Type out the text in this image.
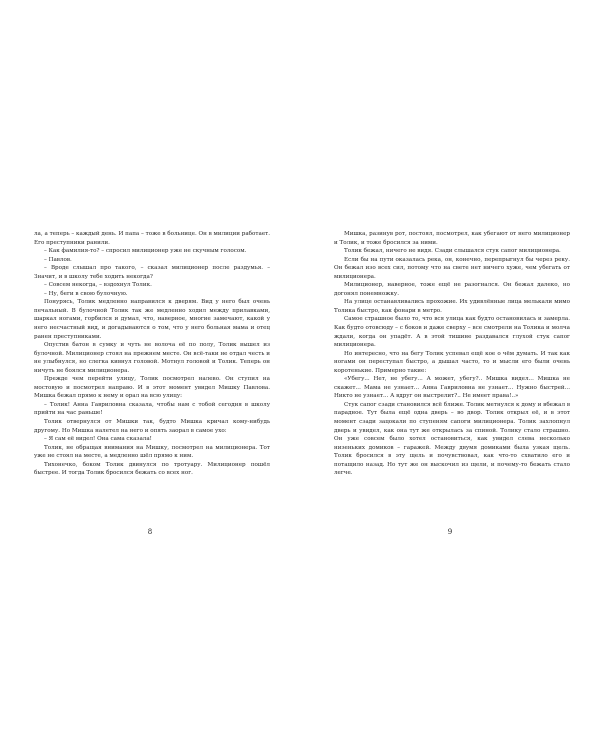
ла, а теперь – каждый день. И папа – тоже в больнице. Он в милиции работает. Его преступники ранили.

– Как фамилия-то? – спросил милиционер уже не скучным голосом.

– Павлов.

– Вроде слышал про такого, – сказал милиционер после раздумья. – Значит, и в школу тебе ходить некогда?

– Совсем некогда, – вздохнул Толик.

– Ну, беги в свою булочную.

Понурясь, Толик медленно направился к дверям. Вид у него был очень печальный. В булочной Толик так же медленно ходил между прилавками, шаркал ногами, горбился и думал, что, наверное, многие замечают, какой у него несчастный вид, и догадываются о том, что у него больная мама и отец ранен преступниками.

Опустив батон в сумку и чуть не волоча её по полу, Толик вышел из булочной. Милиционер стоял на прежнем месте. Он всё-таки не отдал честь и не улыбнулся, но слегка кивнул головой. Мотнул головой и Толик. Теперь он ничуть не боялся милиционера.

Прежде чем перейти улицу, Толик посмотрел налево. Он ступил на мостовую и посмотрел направо. И в этот момент увидел Мишку Павлова. Мишка бежал прямо к нему и орал на всю улицу:

– Толик! Анна Гавриловна сказала, чтобы нам с тобой сегодня в школу прийти на час раньше!

Толик отвернулся от Мишки так, будто Мишка кричал кому-нибудь другому. Но Мишка налетел на него и опять заорал в самое ухо:

– Я сам её видел! Она сама сказала!

Толик, не обращая внимания на Мишку, посмотрел на милиционера. Тот уже не стоял на месте, а медленно шёл прямо к ним.

Тихонечко, боком Толик двинулся по тротуару. Милиционер пошёл быстрее. И тогда Толик бросился бежать со всех ног.

8

Мишка, разинув рот, постоял, посмотрел, как убегают от него милиционер и Толик, и тоже бросился за ними.

Толик бежал, ничего не видя. Сзади слышался стук сапог милиционера.

Если бы на пути оказалась река, он, конечно, перепрыгнул бы через реку. Он бежал изо всех сил, потому что на свете нет ничего хуже, чем убегать от милиционера.

Милиционер, наверное, тоже ещё не разогнался. Он бежал далеко, но догонял понемножку.

На улице останавливались прохожие. Их удивлённые лица мелькали мимо Толика быстро, как фонари в метро.

Самое страшное было то, что вся улица как будто остановилась и замерла. Как будто отовсюду – с боков и даже сверху – все смотрели на Толика и молча ждали, когда он упадёт. А в этой тишине раздавался глухой стук сапог милиционера.

Но интересно, что на бегу Толик успевал ещё кое о чём думать. И так как ногами он переступал быстро, а дышал часто, то и мысли его были очень коротенькие. Примерно такие:

«Убегу... Нет, не убегу... А может, убегу?.. Мишка видел... Мишка не скажет... Мама не узнает... Анна Гавриловна не узнает... Нужно быстрей... Никто не узнает... А вдруг он выстрелит?.. Не имеет права!..»

Стук сапог сзади становился всё ближе. Толик метнулся к дому и вбежал в парадное. Тут была ещё одна дверь – во двор. Толик открыл её, и в этот момент сзади зацокали по ступеням сапоги милиционера. Толик захлопнул дверь и увидел, как она тут же открылась за спиной. Толику стало страшно. Он уже совсем было хотел остановиться, как увидел слева несколько низеньких домиков – гаражей. Между двумя домиками была узкая щель. Толик бросился в эту щель и почувствовал, как что-то схватило его и потащило назад. Но тут же он выскочил из щели, и почему-то бежать стало легче.

9
